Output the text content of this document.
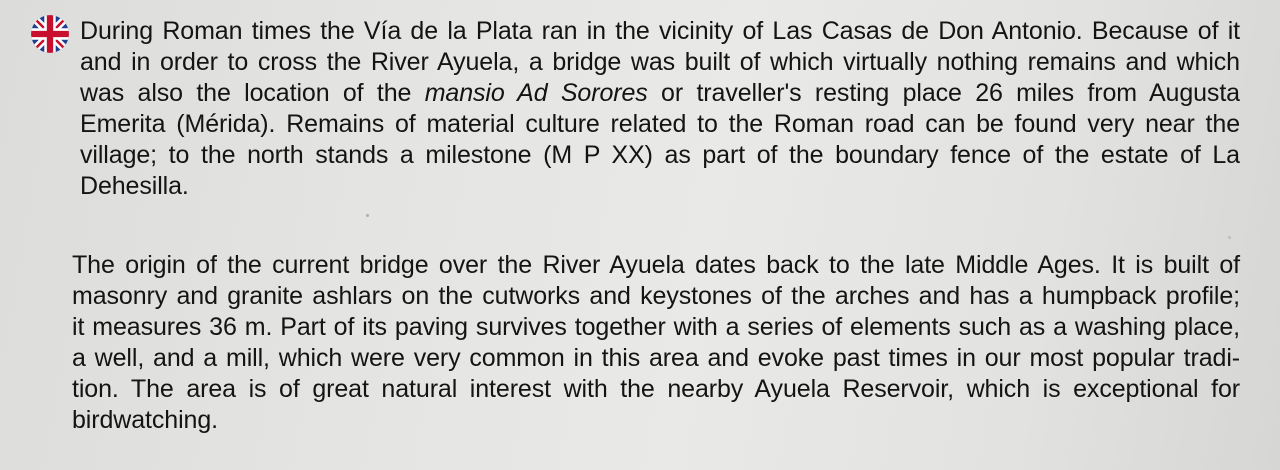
During Roman times the Vía de la Plata ran in the vicinity of Las Casas de Don Antonio. Because of it
and in order to cross the River Ayuela, a bridge was built of which virtually nothing remains and which
was also the location of the mansio Ad Sorores or traveller's resting place 26 miles from Augusta
Emerita (Mérida). Remains of material culture related to the Roman road can be found very near the
village; to the north stands a milestone (M P XX) as part of the boundary fence of the estate of La
Dehesilla.

The origin of the current bridge over the River Ayuela dates back to the late Middle Ages. It is built of
masonry and granite ashlars on the cutworks and keystones of the arches and has a humpback profile;
it measures 36 m. Part of its paving survives together with a series of elements such as a washing place,
a well, and a mill, which were very common in this area and evoke past times in our most popular tradi-
tion. The area is of great natural interest with the nearby Ayuela Reservoir, which is exceptional for
birdwatching.
